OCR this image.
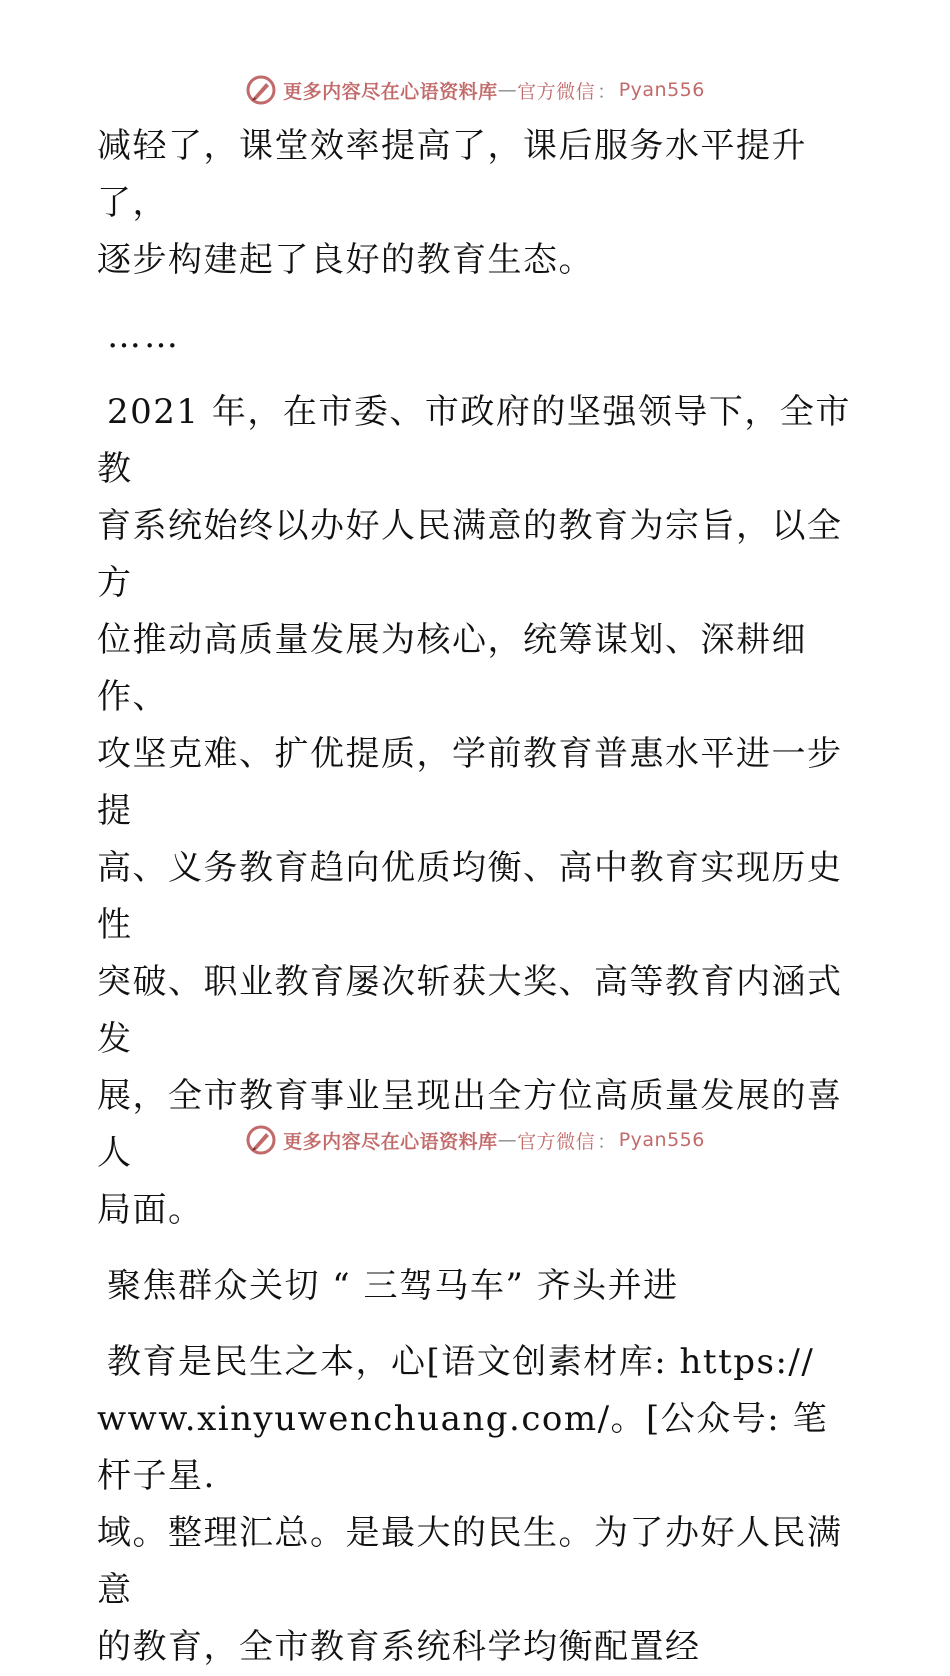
更多内容尽在心语资料库 — 官方微信 ： Pyan556

减轻了，课堂效率提高了，课后服务水平提升了，
逐步构建起了良好的教育生态。

……

2021 年，在市委、市政府的坚强领导下，全市教
育系统始终以办好人民满意的教育为宗旨，以全方
位推动高质量发展为核心，统筹谋划、深耕细作、
攻坚克难、扩优提质，学前教育普惠水平进一步提
高、义务教育趋向优质均衡、高中教育实现历史性
突破、职业教育屡次斩获大奖、高等教育内涵式发
展，全市教育事业呈现出全方位高质量发展的喜人
局面。

聚焦群众关切 “ 三驾马车” 齐头并进

教育是民生之本，心[语文创素材库: https://
www.xinyuwenchuang.com/。[公众号: 笔杆子星.
域。整理汇总。是最大的民生。为了办好人民满意
的教育，全市教育系统科学均衡配置经

更多内容尽在心语资料库 — 官方微信 ： Pyan556
